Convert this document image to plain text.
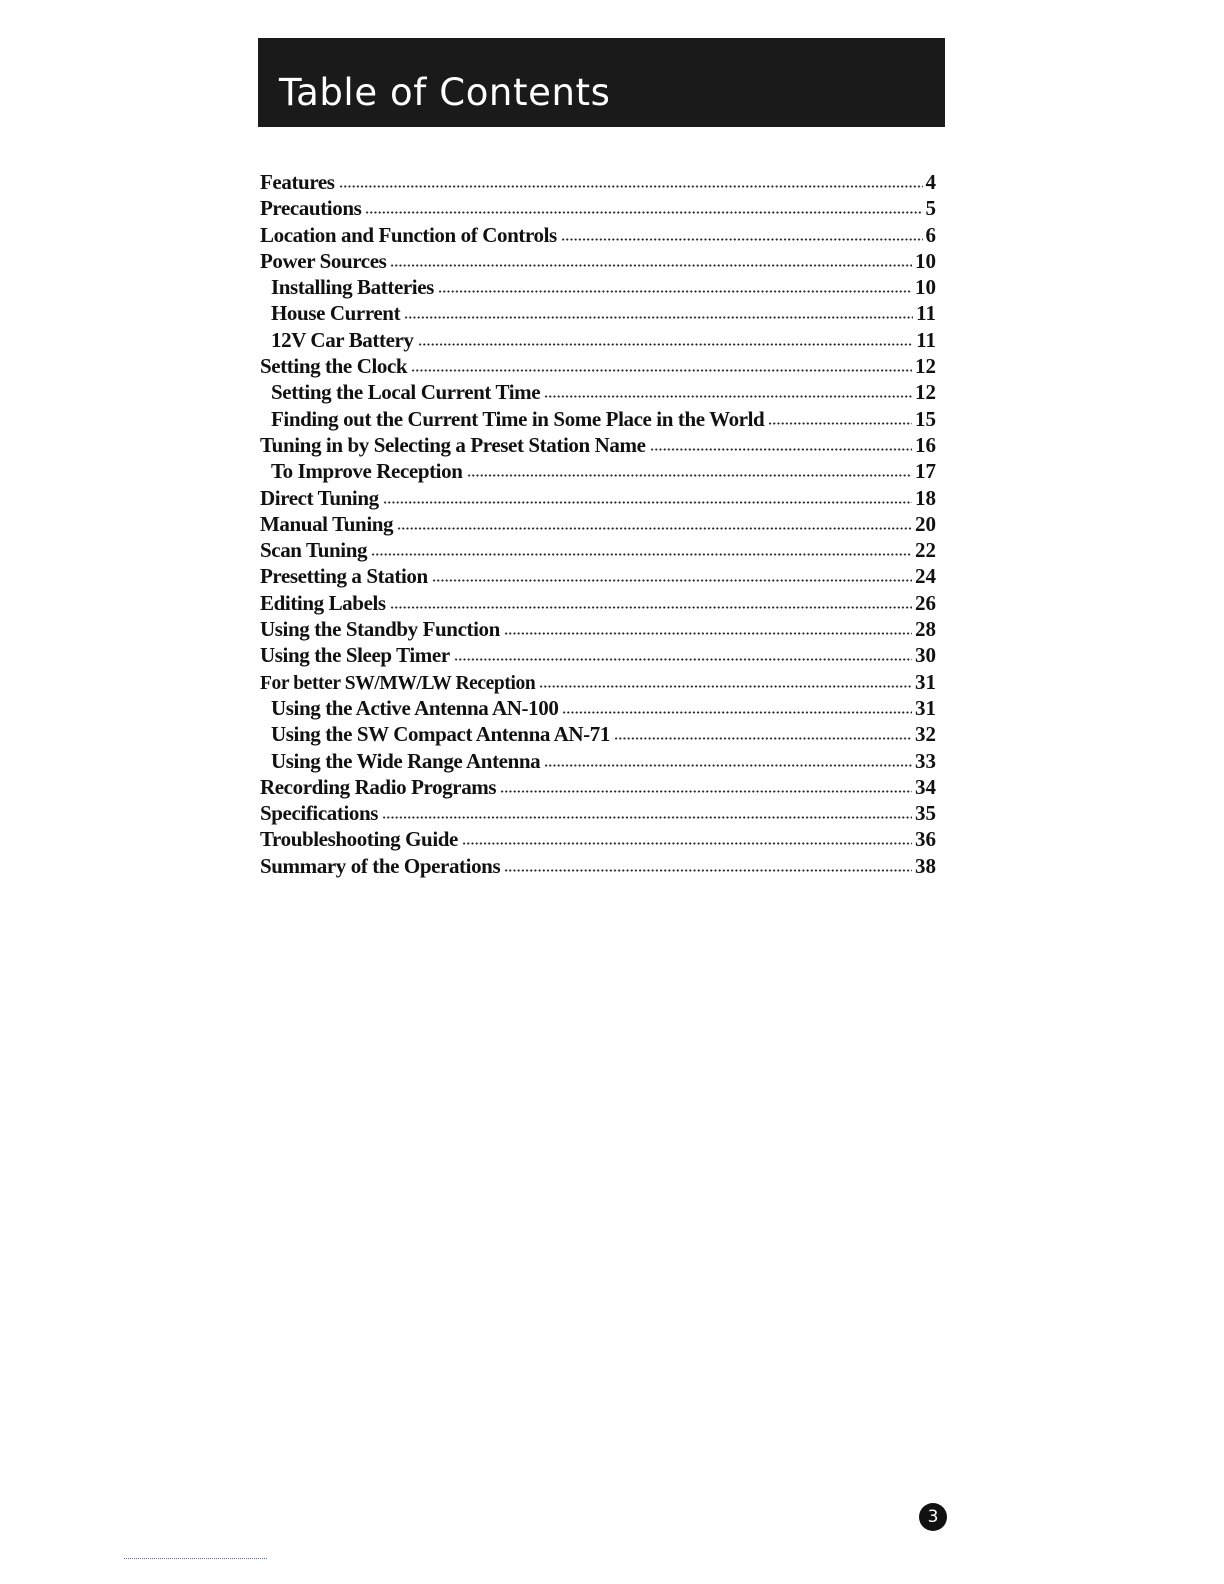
Table of Contents
Features	4
Precautions	5
Location and Function of Controls	6
Power Sources	10
Installing Batteries	10
House Current	11
12V Car Battery	11
Setting the Clock	12
Setting the Local Current Time	12
Finding out the Current Time in Some Place in the World	15
Tuning in by Selecting a Preset Station Name	16
To Improve Reception	17
Direct Tuning	18
Manual Tuning	20
Scan Tuning	22
Presetting a Station	24
Editing Labels	26
Using the Standby Function	28
Using the Sleep Timer	30
For better SW/MW/LW Reception	31
Using the Active Antenna AN-100	31
Using the SW Compact Antenna AN-71	32
Using the Wide Range Antenna	33
Recording Radio Programs	34
Specifications	35
Troubleshooting Guide	36
Summary of the Operations	38
3
